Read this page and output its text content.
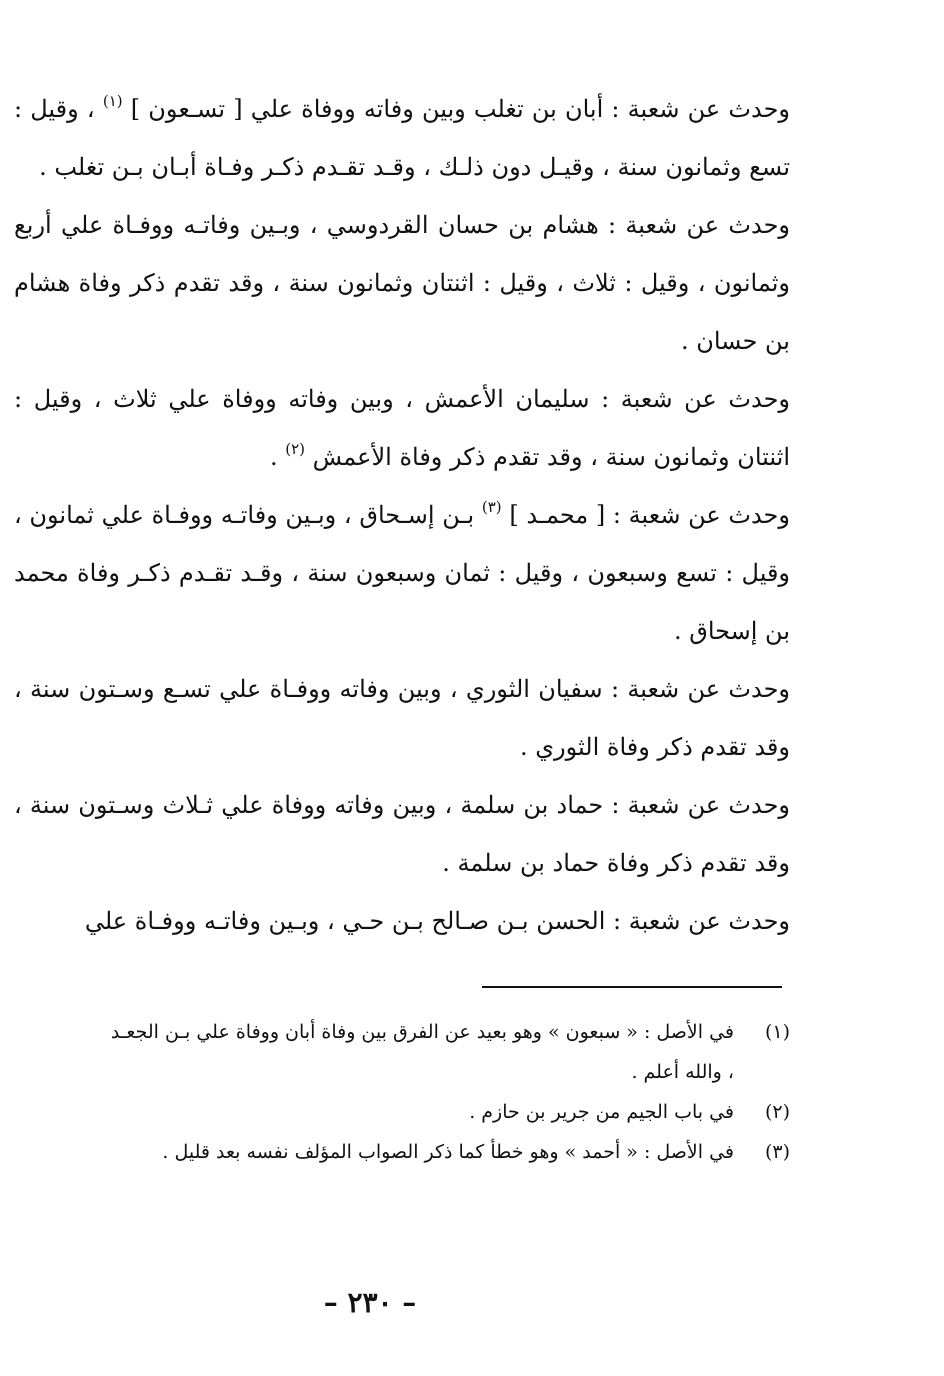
وحدث عن شعبة : أبان بن تغلب وبين وفاته ووفاة علي [ تسـعون ] $^{(١)}$ ، وقيل : تسع وثمانون سنة ، وقيـل دون ذلـك ، وقـد تقـدم ذكـر وفـاة أبـان بـن تغلب .

وحدث عن شعبة : هشام بن حسان القردوسي ، وبـين وفاتـه ووفـاة علي أربع وثمانون ، وقيل : ثلاث ، وقيل : اثنتان وثمانون سنة ، وقد تقدم ذكر وفاة هشام بن حسان .

وحدث عن شعبة : سليمان الأعمش ، وبين وفاته ووفاة علي ثلاث ، وقيل : اثنتان وثمانون سنة ، وقد تقدم ذكر وفاة الأعمش $^{(٢)}$ .

وحدث عن شعبة : [ محمـد ] $^{(٣)}$ بـن إسـحاق ، وبـين وفاتـه ووفـاة علي ثمانون ، وقيل : تسع وسبعون ، وقيل : ثمان وسبعون سنة ، وقـد تقـدم ذكـر وفاة محمد بن إسحاق .

وحدث عن شعبة : سفيان الثوري ، وبين وفاته ووفـاة علي تسـع وسـتون سنة ، وقد تقدم ذكر وفاة الثوري .

وحدث عن شعبة : حماد بن سلمة ، وبين وفاته ووفاة علي ثـلاث وسـتون سنة ، وقد تقدم ذكر وفاة حماد بن سلمة .

وحدث عن شعبة : الحسن بـن صـالح بـن حـي ، وبـين وفاتـه ووفـاة علي

(١)
في الأصل : « سبعون » وهو بعيد عن الفرق بين وفاة أبان ووفاة علي بـن الجعـد ، والله أعلم .
(٢)
في باب الجيم من جرير بن حازم .
(٣)
في الأصل : « أحمد » وهو خطأ كما ذكر الصواب المؤلف نفسه بعد قليل .
– ٢٣٠ –
